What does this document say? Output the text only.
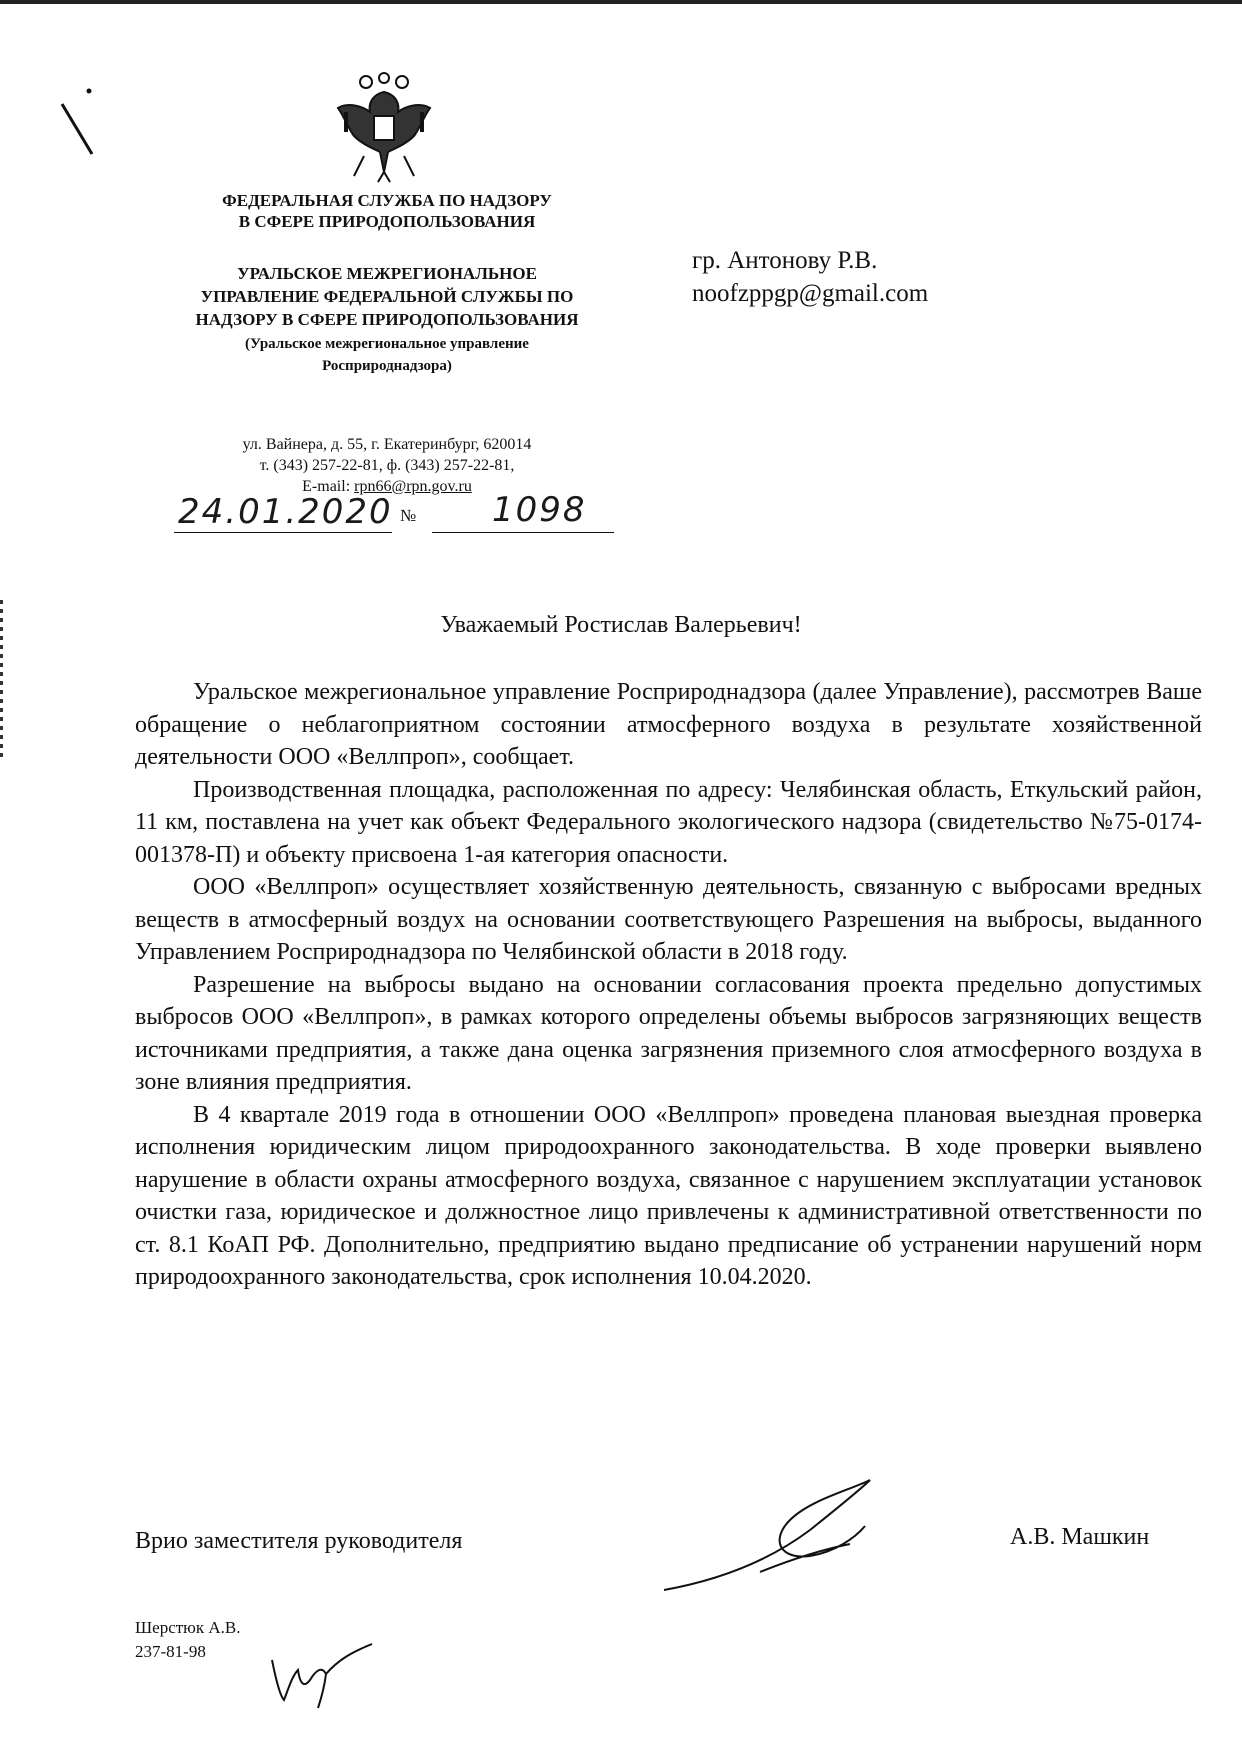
ФЕДЕРАЛЬНАЯ СЛУЖБА ПО НАДЗОРУ
В СФЕРЕ ПРИРОДОПОЛЬЗОВАНИЯ
УРАЛЬСКОЕ МЕЖРЕГИОНАЛЬНОЕ
УПРАВЛЕНИЕ ФЕДЕРАЛЬНОЙ СЛУЖБЫ ПО
НАДЗОРУ В СФЕРЕ ПРИРОДОПОЛЬЗОВАНИЯ
(Уральское межрегиональное управление
Росприроднадзора)
ул. Вайнера, д. 55, г. Екатеринбург, 620014
т. (343) 257-22-81, ф. (343) 257-22-81,
E-mail: rpn66@rpn.gov.ru
№
24.01.2020	1098
гр. Антонову Р.В.
noofzppgp@gmail.com
Уважаемый Ростислав Валерьевич!

Уральское межрегиональное управление Росприроднадзора (далее Управление), рассмотрев Ваше обращение о неблагоприятном состоянии атмосферного воздуха в результате хозяйственной деятельности ООО «Веллпроп», сообщает.

Производственная площадка, расположенная по адресу: Челябинская область, Еткульский район, 11 км, поставлена на учет как объект Федерального экологического надзора (свидетельство №75-0174-001378-П) и объекту присвоена 1-ая категория опасности.

ООО «Веллпроп» осуществляет хозяйственную деятельность, связанную с выбросами вредных веществ в атмосферный воздух на основании соответствующего Разрешения на выбросы, выданного Управлением Росприроднадзора по Челябинской области в 2018 году.

Разрешение на выбросы выдано на основании согласования проекта предельно допустимых выбросов ООО «Веллпроп», в рамках которого определены объемы выбросов загрязняющих веществ источниками предприятия, а также дана оценка загрязнения приземного слоя атмосферного воздуха в зоне влияния предприятия.

В 4 квартале 2019 года в отношении ООО «Веллпроп» проведена плановая выездная проверка исполнения юридическим лицом природоохранного законодательства. В ходе проверки выявлено нарушение в области охраны атмосферного воздуха, связанное с нарушением эксплуатации установок очистки газа, юридическое и должностное лицо привлечены к административной ответственности по ст. 8.1 КоАП РФ. Дополнительно, предприятию выдано предписание об устранении нарушений норм природоохранного законодательства, срок исполнения 10.04.2020.

Врио заместителя руководителя	А.В. Машкин
Шерстюк А.В.
237-81-98
